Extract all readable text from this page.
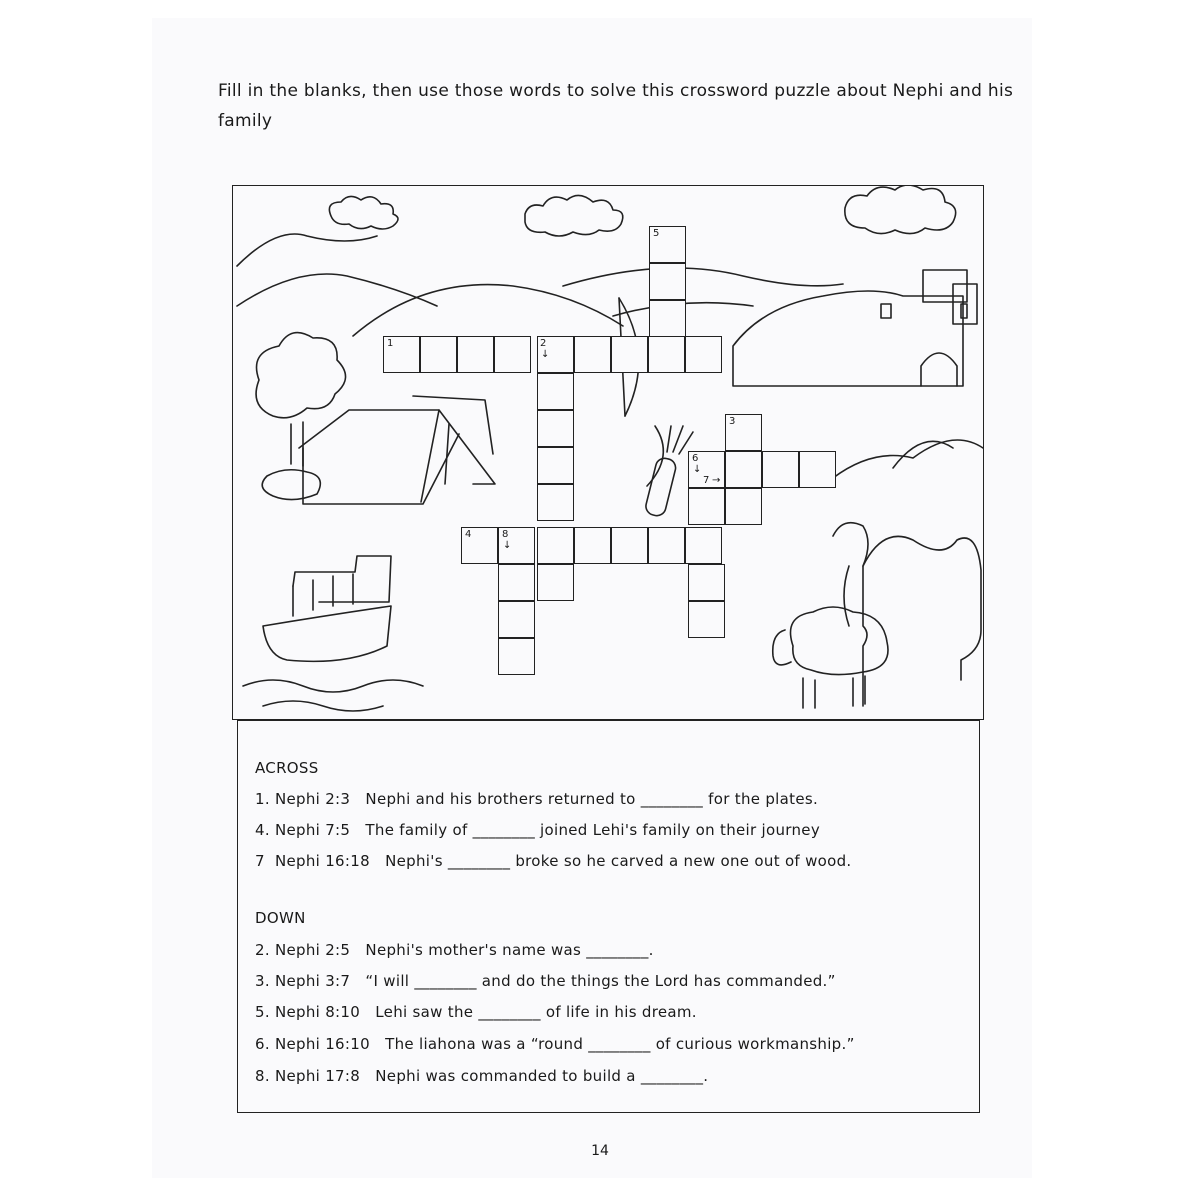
Fill in the blanks, then use those words to solve this crossword puzzle about Nephi and his family
1	2
↓
3
4
5
6
↓
7 →
8
↓
ACROSS
1. Nephi 2:3   Nephi and his brothers returned to ________ for the plates.
4. Nephi 7:5   The family of ________ joined Lehi's family on their journey
7  Nephi 16:18   Nephi's ________ broke so he carved a new one out of wood.
DOWN
2. Nephi 2:5   Nephi's mother's name was ________.
3. Nephi 3:7   “I will ________ and do the things the Lord has commanded.”
5. Nephi 8:10   Lehi saw the ________ of life in his dream.
6. Nephi 16:10   The liahona was a “round ________ of curious workmanship.”
8. Nephi 17:8   Nephi was commanded to build a ________.
14
